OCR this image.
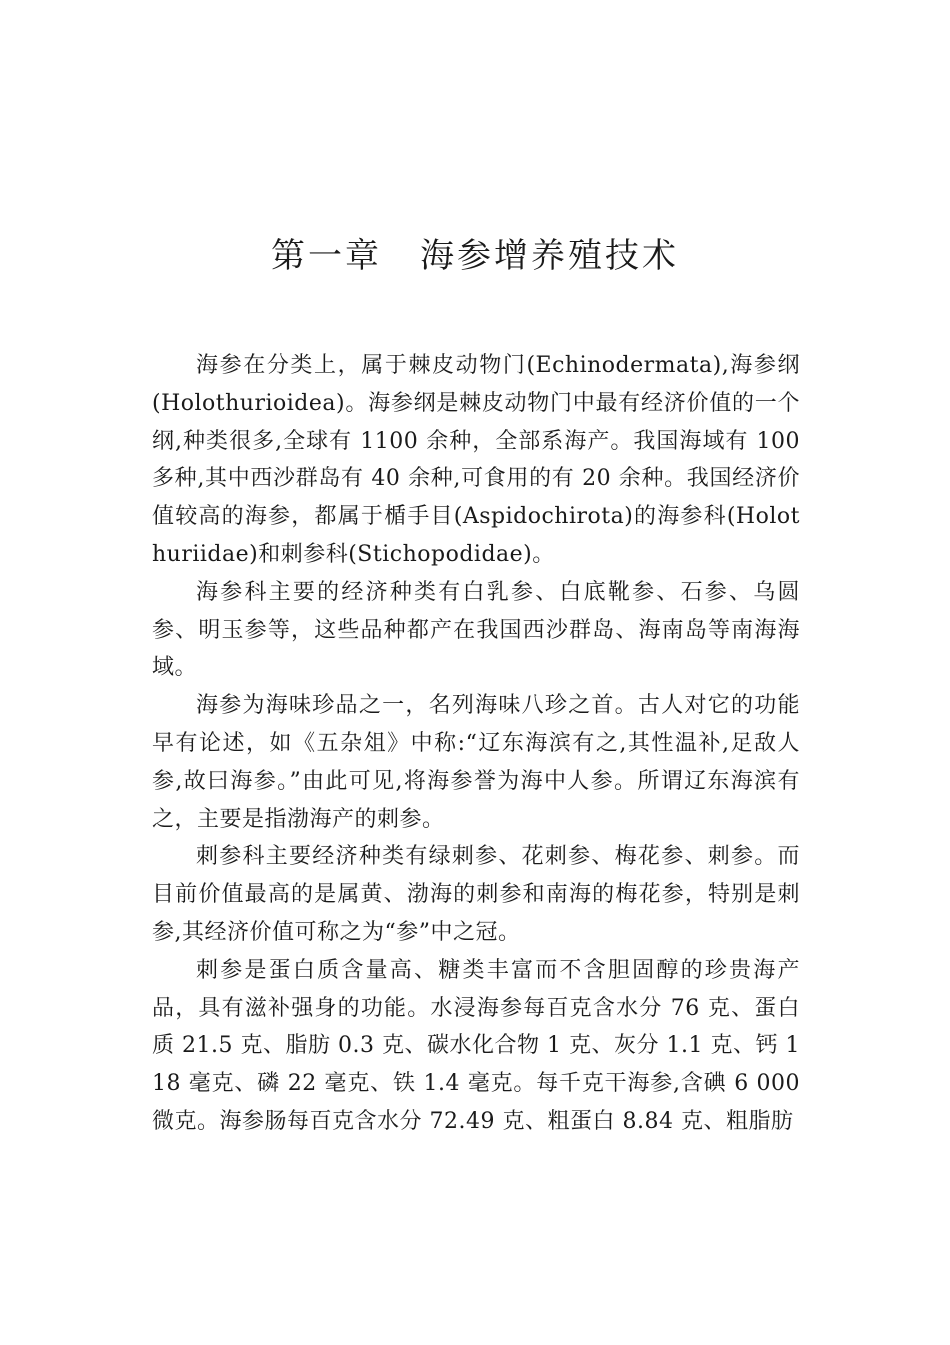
第一章 海参增养殖技术

海参在分类上，属于棘皮动物门(Echinodermata),海参纲(Holothurioidea)。海参纲是棘皮动物门中最有经济价值的一个纲,种类很多,全球有 1100 余种，全部系海产。我国海域有 100 多种,其中西沙群岛有 40 余种,可食用的有 20 余种。我国经济价值较高的海参，都属于楯手目(Aspidochirota)的海参科(Holothuriidae)和刺参科(Stichopodidae)。

海参科主要的经济种类有白乳参、白底靴参、石参、乌圆参、明玉参等，这些品种都产在我国西沙群岛、海南岛等南海海域。

海参为海味珍品之一，名列海味八珍之首。古人对它的功能早有论述，如《五杂俎》中称:“辽东海滨有之,其性温补,足敌人参,故曰海参。”由此可见,将海参誉为海中人参。所谓辽东海滨有之，主要是指渤海产的刺参。

刺参科主要经济种类有绿刺参、花刺参、梅花参、刺参。而目前价值最高的是属黄、渤海的刺参和南海的梅花参，特别是刺参,其经济价值可称之为“参”中之冠。

刺参是蛋白质含量高、糖类丰富而不含胆固醇的珍贵海产品，具有滋补强身的功能。水浸海参每百克含水分 76 克、蛋白质 21.5 克、脂肪 0.3 克、碳水化合物 1 克、灰分 1.1 克、钙 118 毫克、磷 22 毫克、铁 1.4 毫克。每千克干海参,含碘 6 000 微克。海参肠每百克含水分 72.49 克、粗蛋白 8.84 克、粗脂肪
